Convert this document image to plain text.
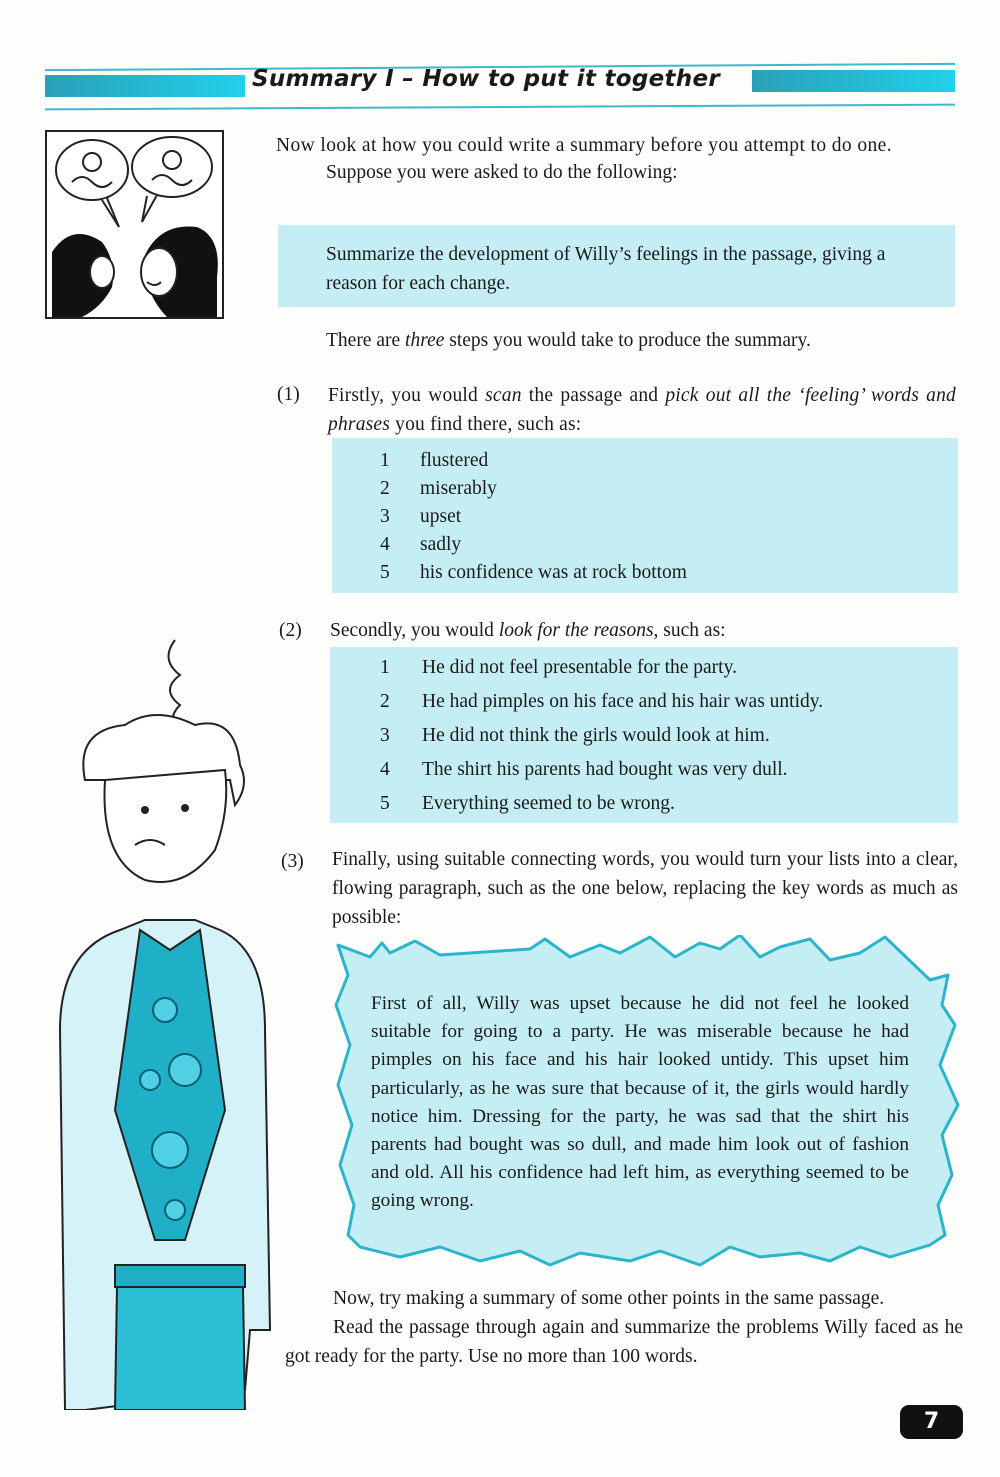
Summary I – How to put it together

Now look at how you could write a summary before you attempt to do one.

Suppose you were asked to do the following:

Summarize the development of Willy’s feelings in the passage, giving a reason for each change.

There are three steps you would take to produce the summary.

(1) Firstly, you would scan the passage and pick out all the ‘feeling’ words and phrases you find there, such as:

1 flustered
2 miserably
3 upset
4 sadly
5 his confidence was at rock bottom
(2) Secondly, you would look for the reasons, such as:

1 He did not feel presentable for the party.
2 He had pimples on his face and his hair was untidy.
3 He did not think the girls would look at him.
4 The shirt his parents had bought was very dull.
5 Everything seemed to be wrong.
(3) Finally, using suitable connecting words, you would turn your lists into a clear, flowing paragraph, such as the one below, replacing the key words as much as possible:

First of all, Willy was upset because he did not feel he looked suitable for going to a party. He was miserable because he had pimples on his face and his hair looked untidy. This upset him particularly, as he was sure that because of it, the girls would hardly notice him. Dressing for the party, he was sad that the shirt his parents had bought was so dull, and made him look out of fashion and old. All his confidence had left him, as everything seemed to be going wrong.

Now, try making a summary of some other points in the same passage.

Read the passage through again and summarize the problems Willy faced as he got ready for the party. Use no more than 100 words.

7
